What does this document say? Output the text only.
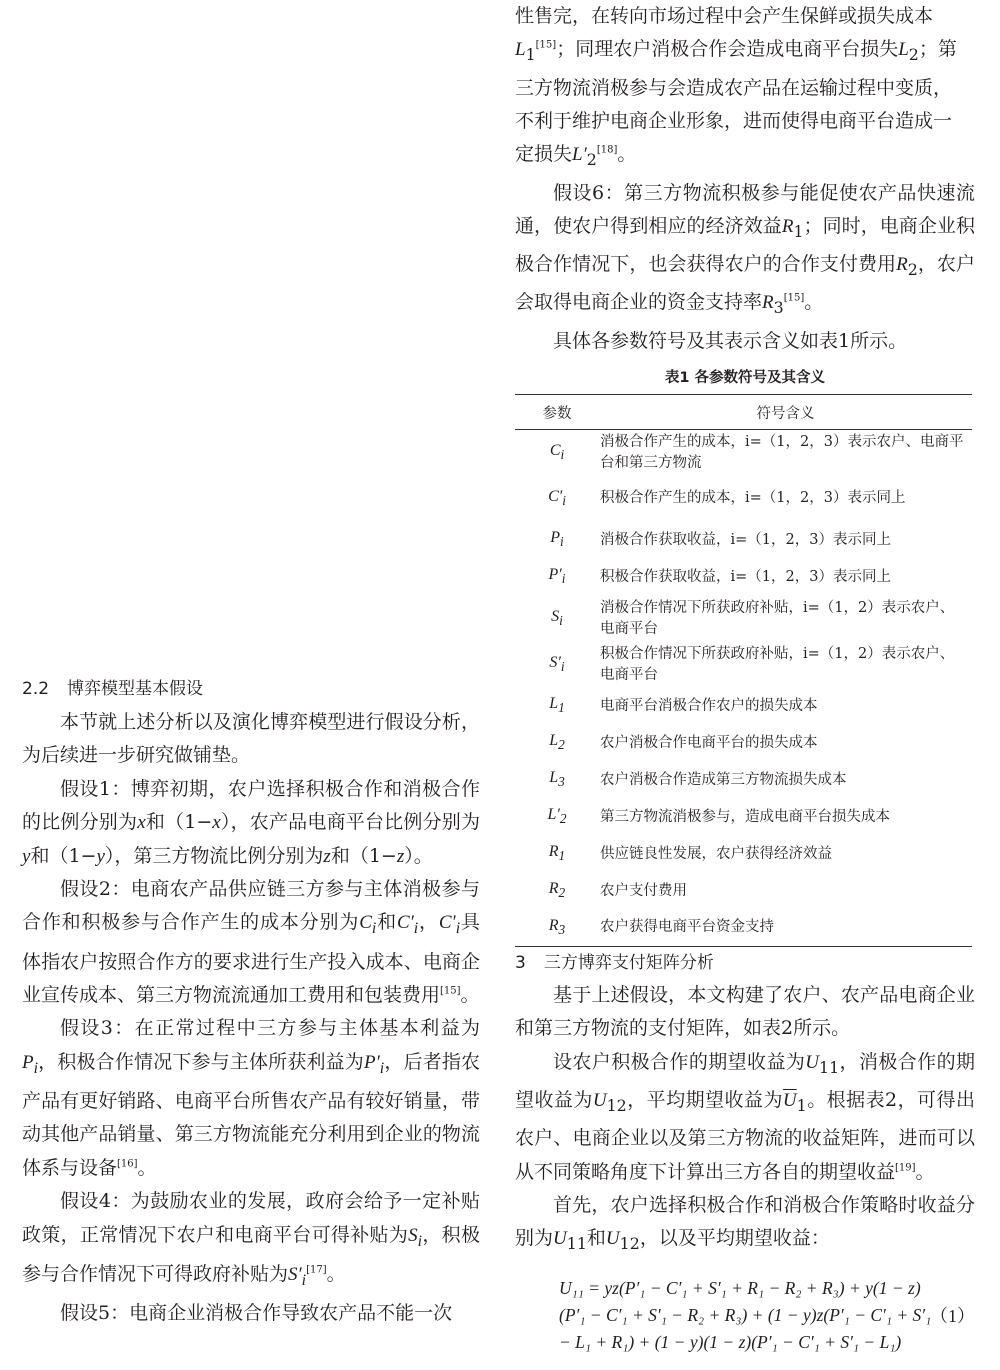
性售完，在转向市场过程中会产生保鲜或损失成本
$L_1[15]$；同理农户消极合作会造成电商平台损失$L_2$；第
三方物流消极参与会造成农产品在运输过程中变质，
不利于维护电商企业形象，进而使得电商平台造成一
定损失$L'_2[18]$。

假设6：第三方物流积极参与能促使农产品快速流通，使农户得到相应的经济效益$R_1$；同时，电商企业积极合作情况下，也会获得农户的合作支付费用$R_2$，农户会取得电商企业的资金支持率$R_3[15]$。

具体各参数符号及其表示含义如表1所示。

表1 各参数符号及其含义
参数	符号含义
$C_i$	消极合作产生的成本，i=（1，2，3）表示农户、电商平台和第三方物流
$C'_i$	积极合作产生的成本，i=（1，2，3）表示同上
$P_i$	消极合作获取收益，i=（1，2，3）表示同上
$P'_i$	积极合作获取收益，i=（1，2，3）表示同上
$S_i$	消极合作情况下所获政府补贴，i=（1，2）表示农户、电商平台
$S'_i$	积极合作情况下所获政府补贴，i=（1，2）表示农户、电商平台
$L_1$	电商平台消极合作农户的损失成本
$L_2$	农户消极合作电商平台的损失成本
$L_3$	农户消极合作造成第三方物流损失成本
$L'_2$	第三方物流消极参与，造成电商平台损失成本
$R_1$	供应链良性发展，农户获得经济效益
$R_2$	农户支付费用
$R_3$	农户获得电商平台资金支持
3 三方博弈支付矩阵分析

基于上述假设，本文构建了农户、农产品电商企业和第三方物流的支付矩阵，如表2所示。

设农户积极合作的期望收益为$U_{11}$，消极合作的期望收益为$U_{12}$，平均期望收益为$\overline{U}_1$。根据表2，可得出农户、电商企业以及第三方物流的收益矩阵，进而可以从不同策略角度下计算出三方各自的期望收益[19]。

首先，农户选择积极合作和消极合作策略时收益分别为$U_{11}$和$U_{12}$，以及平均期望收益：

U₁₁ = yz(P′₁ − C′₁ + S′₁ + R₁ − R₂ + R₃) + y(1 − z)
(P′₁ − C′₁ + S′₁ − R₂ + R₃) + (1 − y)z(P′₁ − C′₁ + S′₁
− L₁ + R₁) + (1 − y)(1 − z)(P′₁ − C′₁ + S′₁ − L₁)
（1）
2.2 博弈模型基本假设

本节就上述分析以及演化博弈模型进行假设分析，为后续进一步研究做铺垫。

假设1：博弈初期，农户选择积极合作和消极合作的比例分别为x和（1−x），农产品电商平台比例分别为y和（1−y），第三方物流比例分别为z和（1−z）。

假设2：电商农产品供应链三方参与主体消极参与合作和积极参与合作产生的成本分别为$C_i$和$C'_i$，$C'_i$具体指农户按照合作方的要求进行生产投入成本、电商企业宣传成本、第三方物流流通加工费用和包装费用[15]。

假设3：在正常过程中三方参与主体基本利益为$P_i$，积极合作情况下参与主体所获利益为$P'_i$，后者指农产品有更好销路、电商平台所售农产品有较好销量，带动其他产品销量、第三方物流能充分利用到企业的物流体系与设备[16]。

假设4：为鼓励农业的发展，政府会给予一定补贴政策，正常情况下农户和电商平台可得补贴为$S_i$，积极参与合作情况下可得政府补贴为$S'_i[17]$。

假设5：电商企业消极合作导致农产品不能一次
